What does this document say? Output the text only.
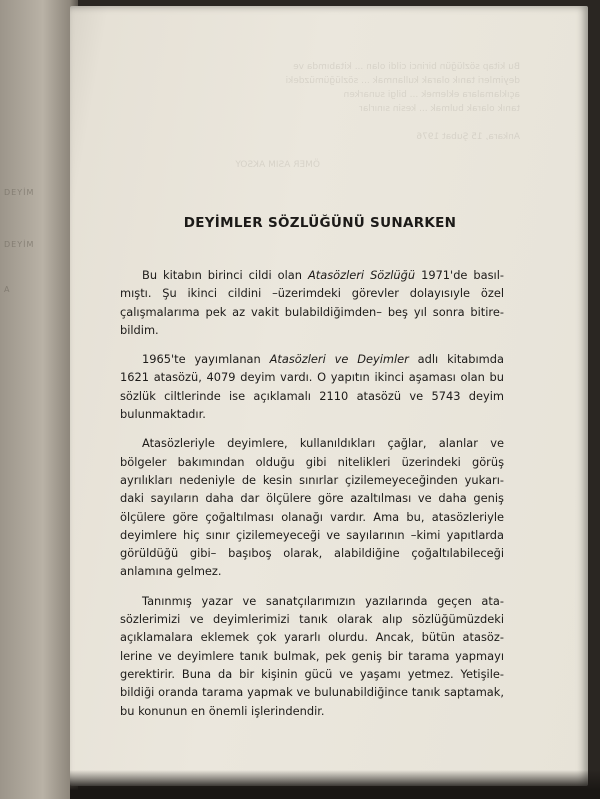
DEYİM
DEYİM
A
Bu kitap sözlüğün birinci cildi olan ... kitabımda ve
deyimleri tanık olarak kullanmak ... sözlüğümüzdeki
açıklamalara eklemek ... bilgi sunarken
tanık olarak bulmak ... kesin sınırlar
Ankara, 15 Şubat 1976
ÖMER ASIM AKSOY
DEYİMLER SÖZLÜĞÜNÜ SUNARKEN

Bu kitabın birinci cildi olan Atasözleri Sözlüğü 1971'de basılmıştı. Şu ikinci cildini –üzerimdeki görevler dolayısıyle özel çalışmalarıma pek az vakit bulabildiğimden– beş yıl sonra bitirebildim.

1965'te yayımlanan Atasözleri ve Deyimler adlı kitabımda 1621 atasözü, 4079 deyim vardı. O yapıtın ikinci aşaması olan bu sözlük ciltlerinde ise açıklamalı 2110 atasözü ve 5743 deyim bulunmaktadır.

Atasözleriyle deyimlere, kullanıldıkları çağlar, alanlar ve bölgeler bakımından olduğu gibi nitelikleri üzerindeki görüş ayrılıkları nedeniyle de kesin sınırlar çizilemeyeceğinden yukarıdaki sayıların daha dar ölçülere göre azaltılması ve daha geniş ölçülere göre çoğaltılması olanağı vardır. Ama bu, atasözleriyle deyimlere hiç sınır çizilemeyeceği ve sayılarının –kimi yapıtlarda görüldüğü gibi– başıboş olarak, alabildiğine çoğaltılabileceği anlamına gelmez.

Tanınmış yazar ve sanatçılarımızın yazılarında geçen atasözlerimizi ve deyimlerimizi tanık olarak alıp sözlüğümüzdeki açıklamalara eklemek çok yararlı olurdu. Ancak, bütün atasözlerine ve deyimlere tanık bulmak, pek geniş bir tarama yapmayı gerektirir. Buna da bir kişinin gücü ve yaşamı yetmez. Yetişilebildiği oranda tarama yapmak ve bulunabildiğince tanık saptamak, bu konunun en önemli işlerindendir.
